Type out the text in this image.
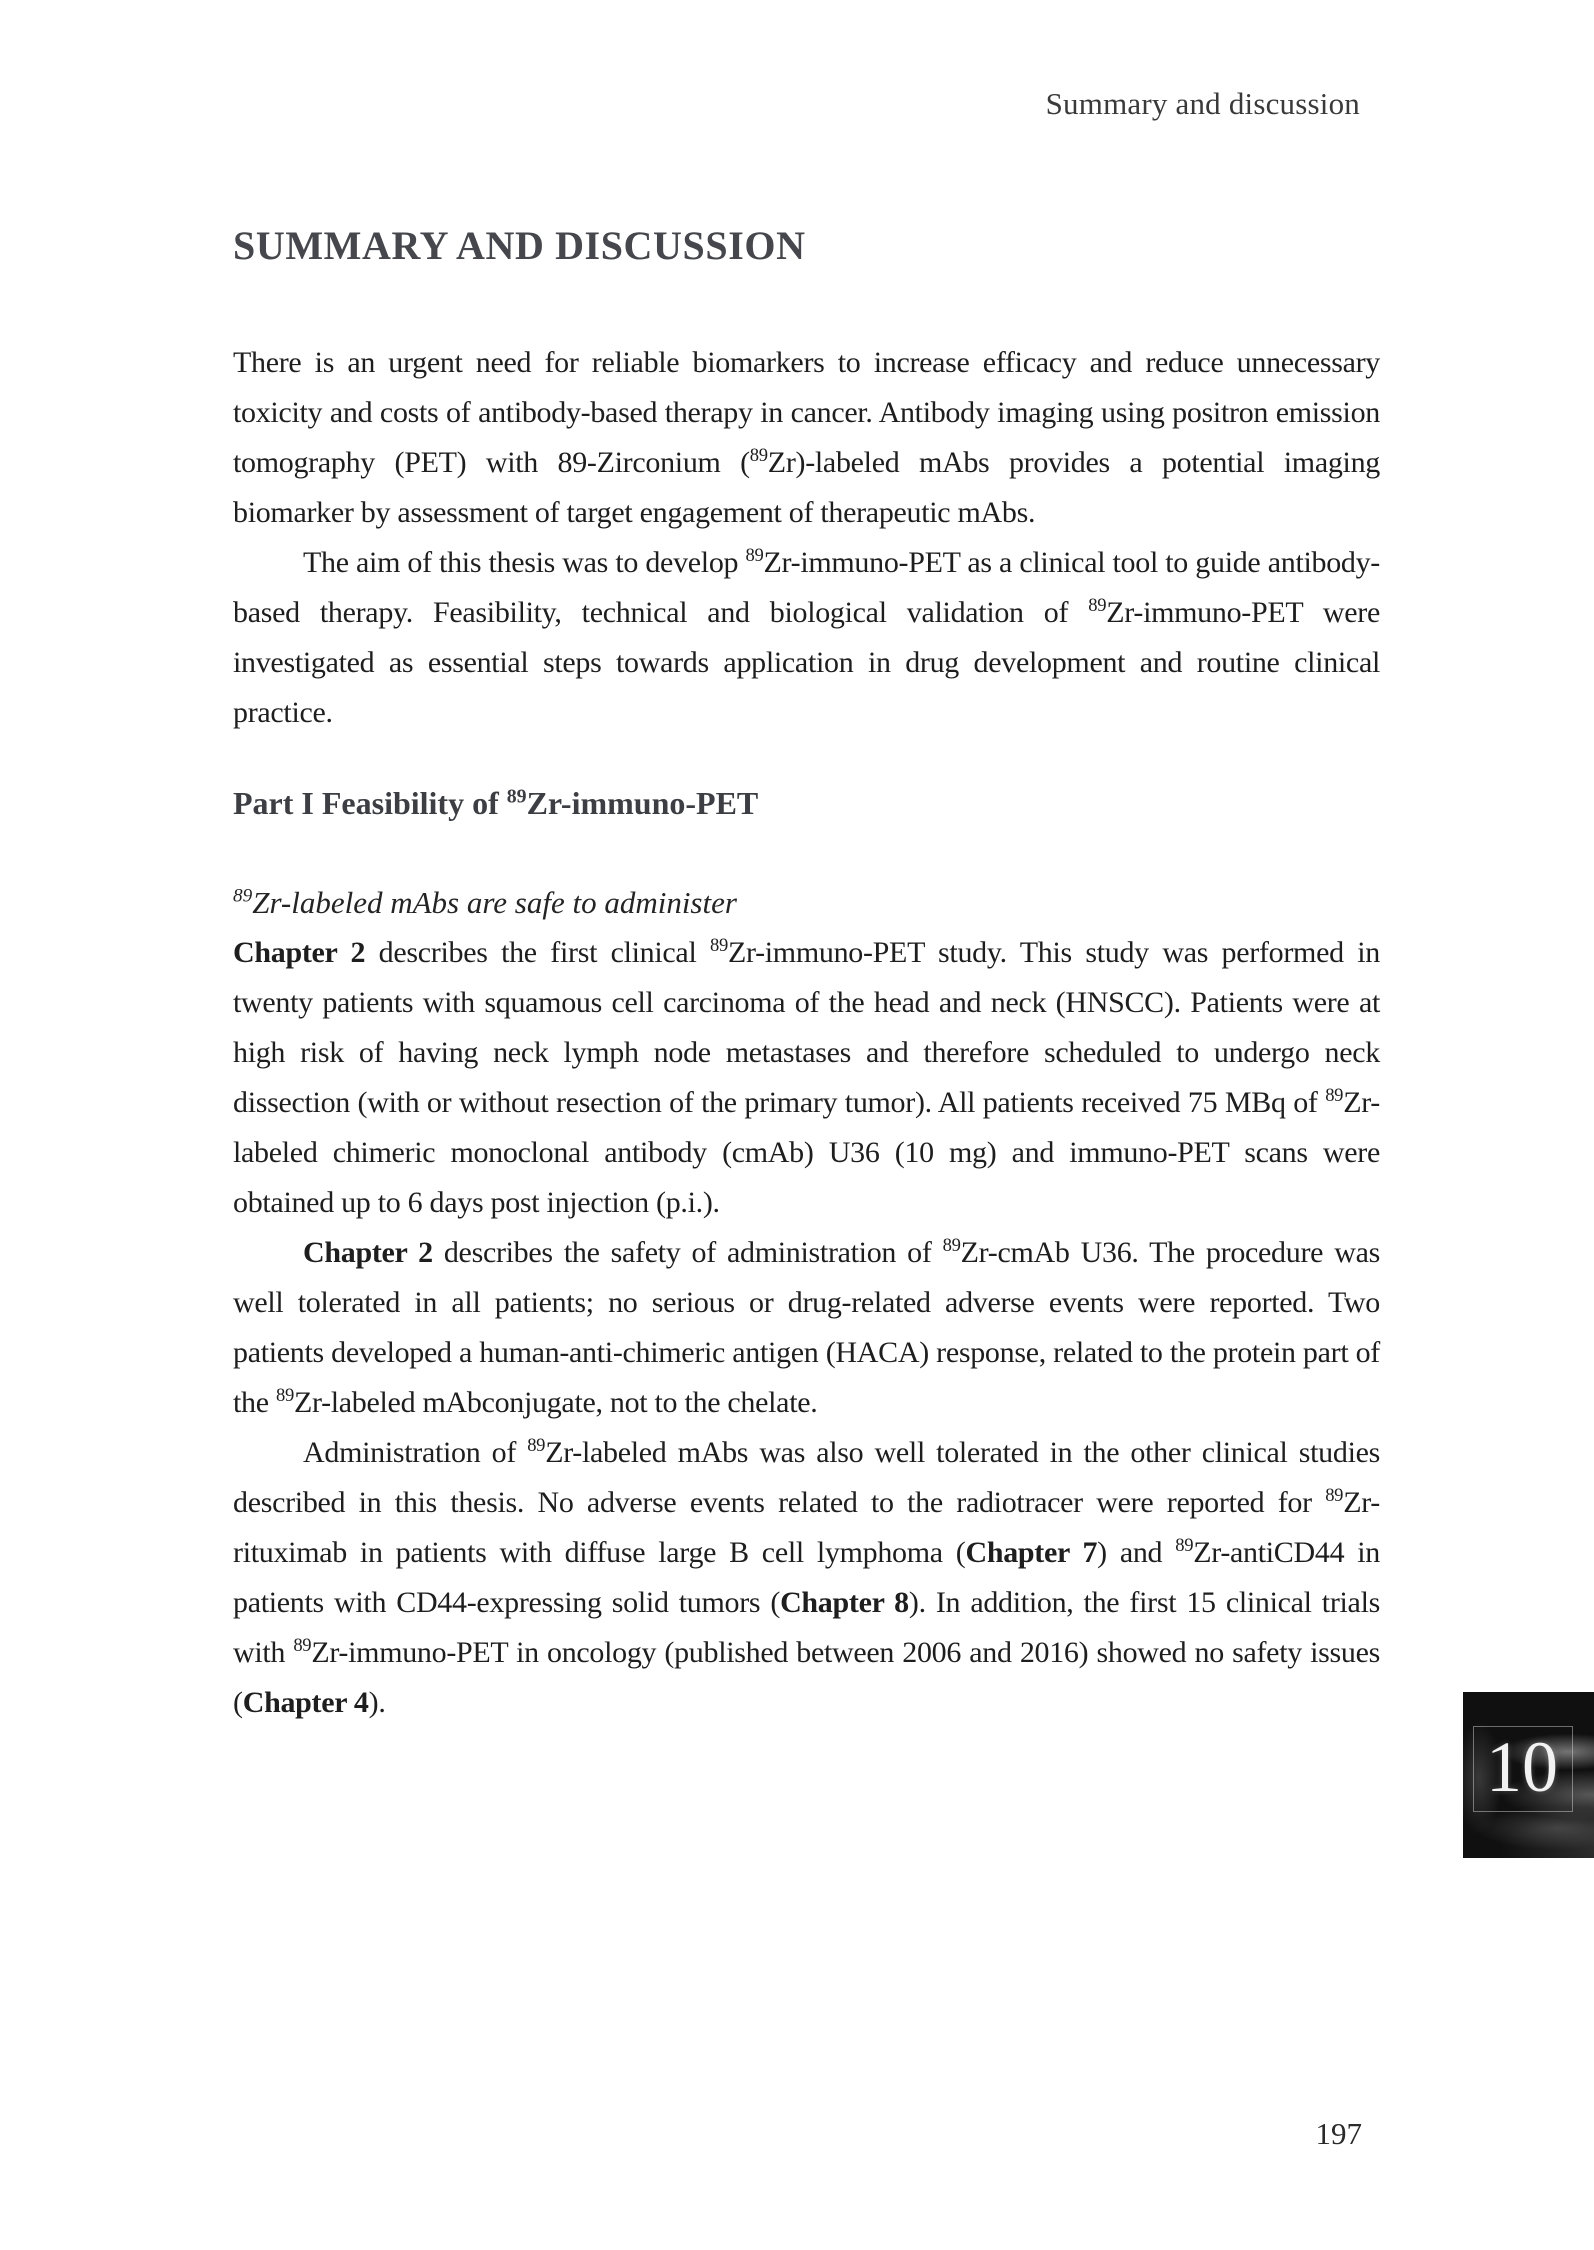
Summary and discussion
SUMMARY AND DISCUSSION

There is an urgent need for reliable biomarkers to increase efficacy and reduce unnecessary toxicity and costs of antibody-based therapy in cancer. Antibody imaging using positron emission tomography (PET) with 89-Zirconium ($^{89}$Zr)-labeled mAbs provides a potential imaging biomarker by assessment of target engagement of therapeutic mAbs.

The aim of this thesis was to develop $^{89}$Zr-immuno-PET as a clinical tool to guide antibody-based therapy. Feasibility, technical and biological validation of $^{89}$Zr-immuno-PET were investigated as essential steps towards application in drug development and routine clinical practice.

Part I Feasibility of $^{89}$Zr-immuno-PET
$^{89}$Zr-labeled mAbs are safe to administer

Chapter 2 describes the first clinical $^{89}$Zr-immuno-PET study. This study was performed in twenty patients with squamous cell carcinoma of the head and neck (HNSCC). Patients were at high risk of having neck lymph node metastases and therefore scheduled to undergo neck dissection (with or without resection of the primary tumor). All patients received 75 MBq of $^{89}$Zr-labeled chimeric monoclonal antibody (cmAb) U36 (10 mg) and immuno-PET scans were obtained up to 6 days post injection (p.i.).

Chapter 2 describes the safety of administration of $^{89}$Zr-cmAb U36. The procedure was well tolerated in all patients; no serious or drug-related adverse events were reported. Two patients developed a human-anti-chimeric antigen (HACA) response, related to the protein part of the $^{89}$Zr-labeled mAbconjugate, not to the chelate.

Administration of $^{89}$Zr-labeled mAbs was also well tolerated in the other clinical studies described in this thesis. No adverse events related to the radiotracer were reported for $^{89}$Zr-rituximab in patients with diffuse large B cell lymphoma (Chapter 7) and $^{89}$Zr-antiCD44 in patients with CD44-expressing solid tumors (Chapter 8). In addition, the first 15 clinical trials with $^{89}$Zr-immuno-PET in oncology (published between 2006 and 2016) showed no safety issues (Chapter 4).

10
197
